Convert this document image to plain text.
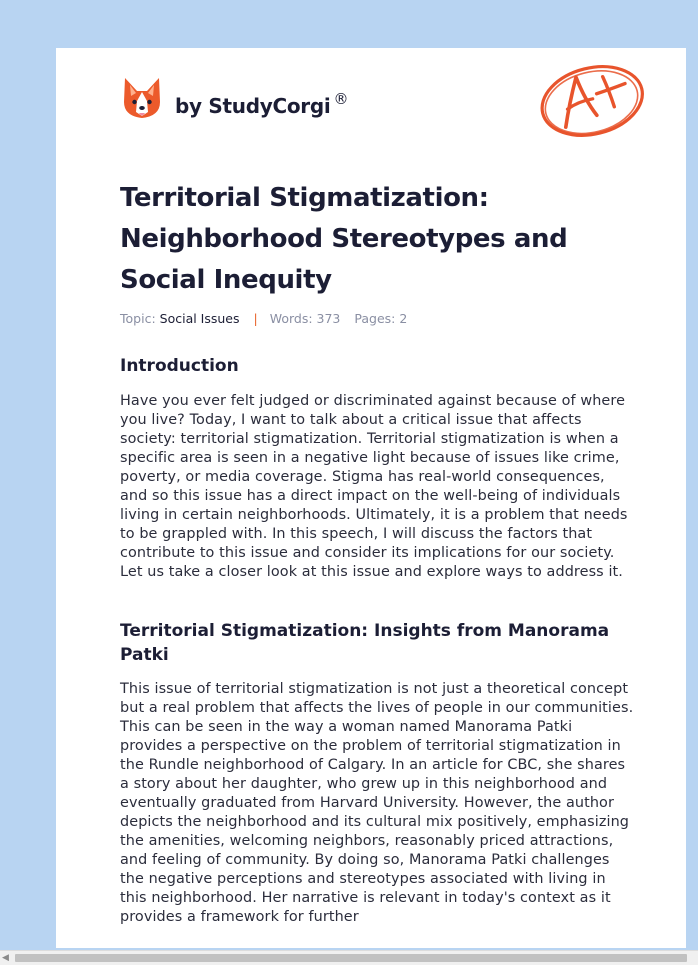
by StudyCorgi ®
Territorial Stigmatization: Neighborhood Stereotypes and Social Inequity
Topic: Social Issues | Words: 373 Pages: 2
Introduction

Have you ever felt judged or discriminated against because of where you live? Today, I want to talk about a critical issue that affects society: territorial stigmatization. Territorial stigmatization is when a specific area is seen in a negative light because of issues like crime, poverty, or media coverage. Stigma has real-world consequences, and so this issue has a direct impact on the well-being of individuals living in certain neighborhoods. Ultimately, it is a problem that needs to be grappled with. In this speech, I will discuss the factors that contribute to this issue and consider its implications for our society. Let us take a closer look at this issue and explore ways to address it.

Territorial Stigmatization: Insights from Manorama Patki

This issue of territorial stigmatization is not just a theoretical concept but a real problem that affects the lives of people in our communities. This can be seen in the way a woman named Manorama Patki provides a perspective on the problem of territorial stigmatization in the Rundle neighborhood of Calgary. In an article for CBC, she shares a story about her daughter, who grew up in this neighborhood and eventually graduated from Harvard University. However, the author depicts the neighborhood and its cultural mix positively, emphasizing the amenities, welcoming neighbors, reasonably priced attractions, and feeling of community. By doing so, Manorama Patki challenges the negative perceptions and stereotypes associated with living in this neighborhood. Her narrative is relevant in today's context as it provides a framework for further

◀
